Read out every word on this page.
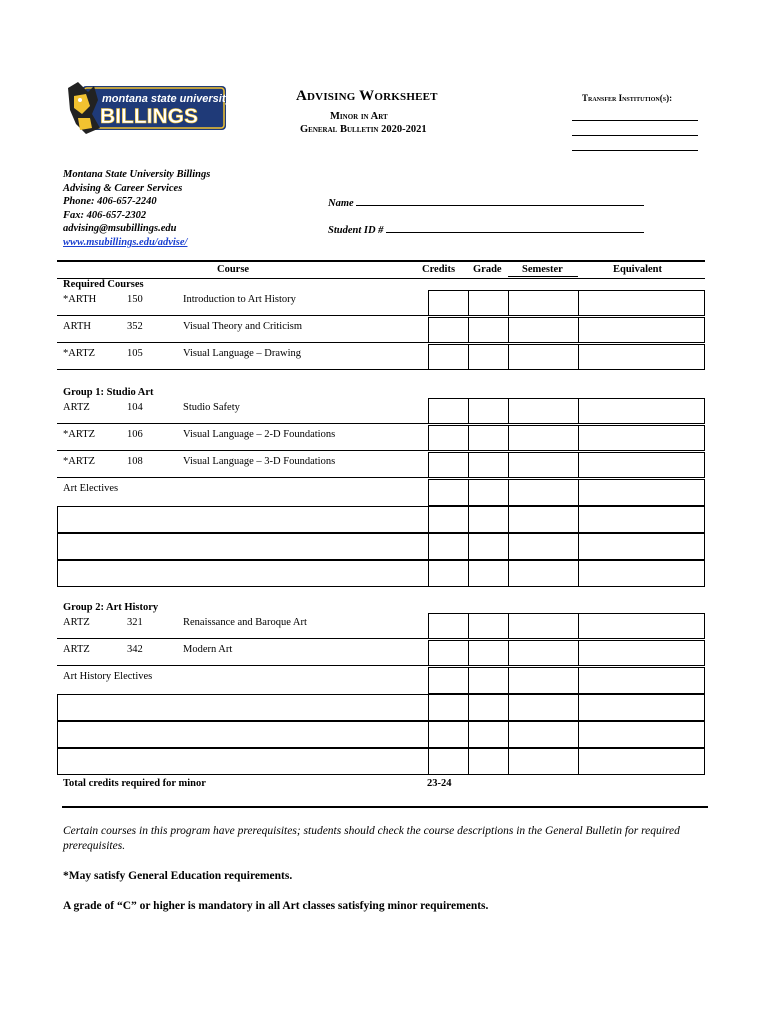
montana state university
BILLINGS
Advising Worksheet
Minor in Art
General Bulletin 2020-2021
Transfer Institution(s):
Montana State University Billings
Advising & Career Services
Phone: 406-657-2240
Fax: 406-657-2302
advising@msubillings.edu
www.msubillings.edu/advise/
Name
Student ID #
Course	Credits Grade Semester	Equivalent
Required Courses
*ARTH	150	Introduction to Art History
ARTH	352	Visual Theory and Criticism
*ARTZ	105	Visual Language – Drawing
Group 1: Studio Art
ARTZ	104	Studio Safety
*ARTZ	106	Visual Language – 2-D Foundations
*ARTZ	108	Visual Language – 3-D Foundations
Art Electives
Group 2: Art History
ARTZ	321	Renaissance and Baroque Art
ARTZ	342	Modern Art
Art History Electives
Total credits required for minor	23-24
Certain courses in this program have prerequisites; students should check the course descriptions in the General Bulletin for required prerequisites.
*May satisfy General Education requirements.
A grade of “C” or higher is mandatory in all Art classes satisfying minor requirements.
